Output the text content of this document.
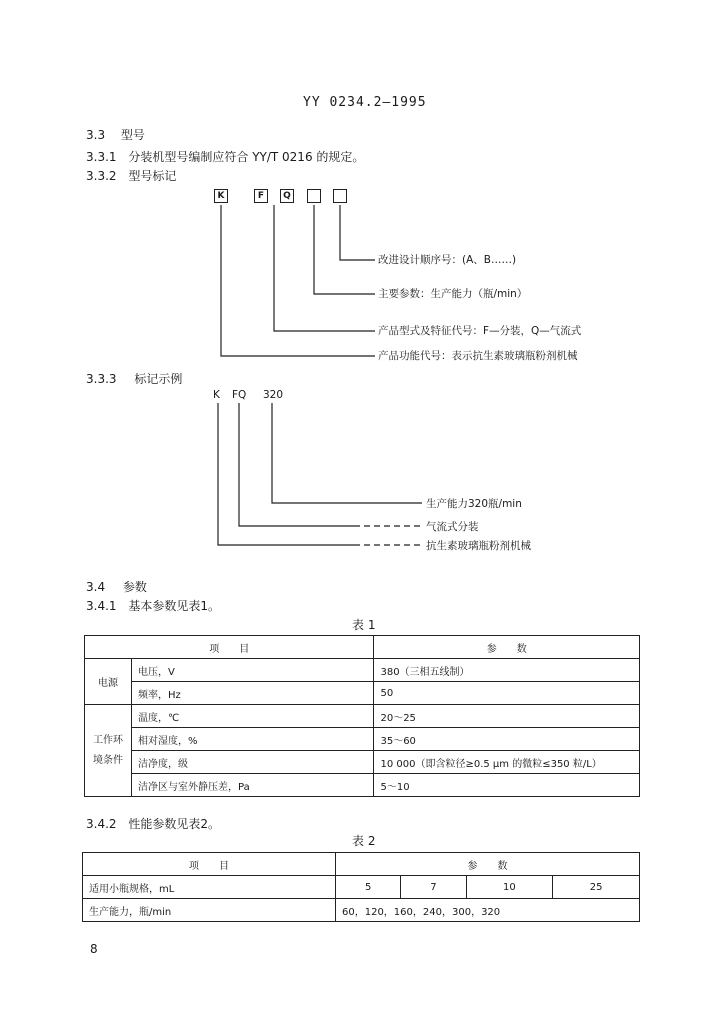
YY 0234.2—1995
3.3 型号
3.3.1 分装机型号编制应符合 YY/T 0216 的规定。
3.3.2 型号标记
K	F	Q
改进设计顺序号：(A、B……)
主要参数：生产能力（瓶/min）
产品型式及特征代号：F—分装，Q—气流式
产品功能代号：表示抗生素玻璃瓶粉剂机械
3.3.3 标记示例
K FQ 320
生产能力320瓶/min
气流式分装
抗生素玻璃瓶粉剂机械
3.4 参数
3.4.1 基本参数见表1。
表 1
项　　目		参　　数
电源	电压，V	380（三相五线制）
	频率，Hz	50
工作环境条件	温度，℃	20～25
	相对湿度，%	35～60
	洁净度，级	10 000（即含粒径≥0.5 μm 的微粒≤350 粒/L）
	洁净区与室外静压差，Pa	5～10
3.4.2 性能参数见表2。
表 2
项　　目	参　　数			
适用小瓶规格，mL	5	7	10	25
生产能力，瓶/min	60，120，160，240，300，320			
8
